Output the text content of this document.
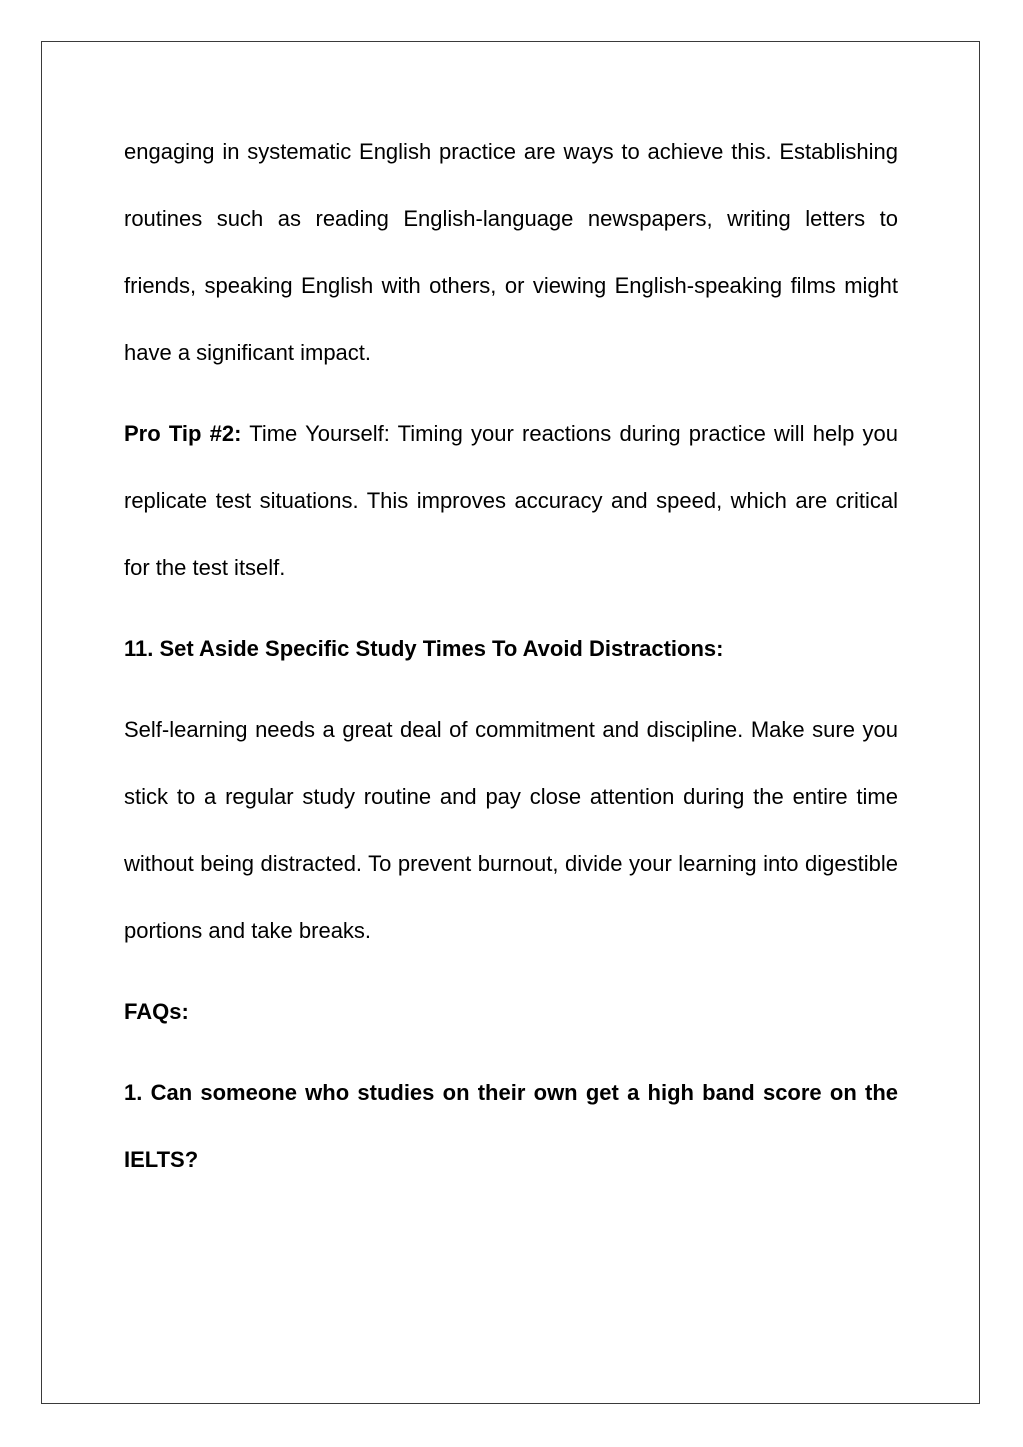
engaging in systematic English practice are ways to achieve this. Establishing routines such as reading English-language newspapers, writing letters to friends, speaking English with others, or viewing English-speaking films might have a significant impact.

Pro Tip #2: Time Yourself: Timing your reactions during practice will help you replicate test situations. This improves accuracy and speed, which are critical for the test itself.

11. Set Aside Specific Study Times To Avoid Distractions:

Self-learning needs a great deal of commitment and discipline. Make sure you stick to a regular study routine and pay close attention during the entire time without being distracted. To prevent burnout, divide your learning into digestible portions and take breaks.

FAQs:

1. Can someone who studies on their own get a high band score on the IELTS?
